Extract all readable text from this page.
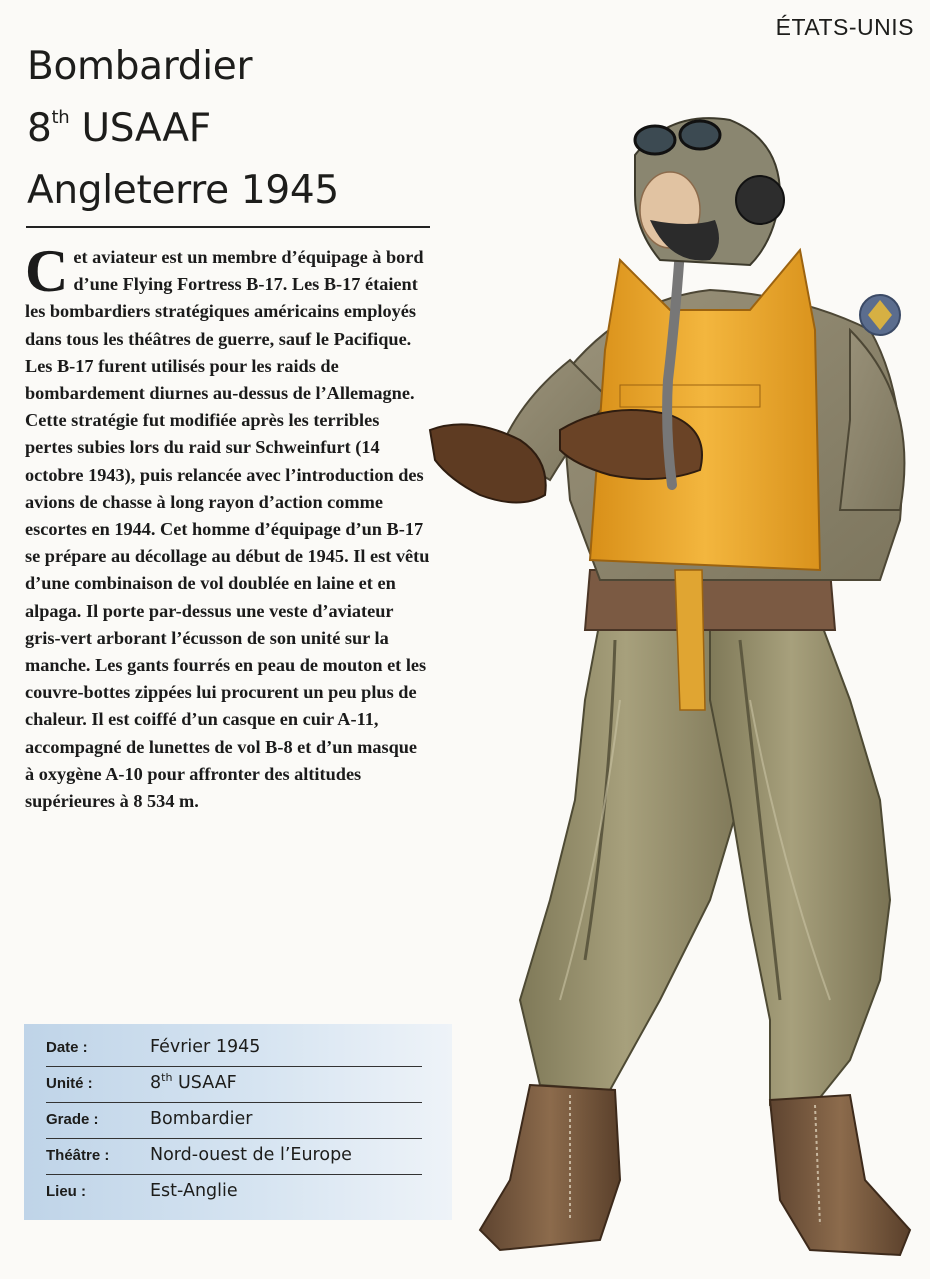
ÉTATS-UNIS
Bombardier
8th USAAF
Angleterre 1945
Cet aviateur est un membre d’équipage à bord d’une Flying Fortress B-17. Les B-17 étaient les bombardiers stratégiques américains employés dans tous les théâtres de guerre, sauf le Pacifique. Les B-17 furent utilisés pour les raids de bombardement diurnes au-dessus de l’Allemagne. Cette stratégie fut modifiée après les terribles pertes subies lors du raid sur Schweinfurt (14 octobre 1943), puis relancée avec l’introduction des avions de chasse à long rayon d’action comme escortes en 1944. Cet homme d’équipage d’un B-17 se prépare au décollage au début de 1945. Il est vêtu d’une combinaison de vol doublée en laine et en alpaga. Il porte par-dessus une veste d’aviateur gris-vert arborant l’écusson de son unité sur la manche. Les gants fourrés en peau de mouton et les couvre-bottes zippées lui procurent un peu plus de chaleur. Il est coiffé d’un casque en cuir A-11, accompagné de lunettes de vol B-8 et d’un masque à oxygène A-10 pour affronter des altitudes supérieures à 8 534 m.
Date :	Février 1945
Unité :	8th USAAF
Grade :	Bombardier
Théâtre : Nord-ouest de l’Europe
Lieu :	Est-Anglie
